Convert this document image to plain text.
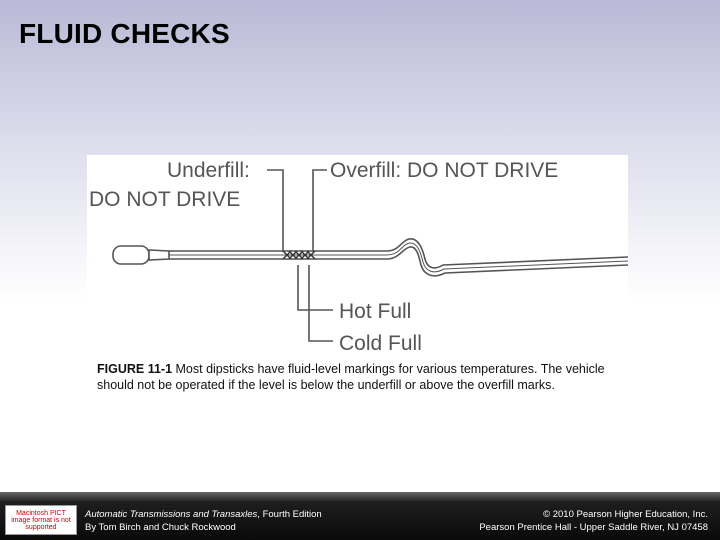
FLUID CHECKS
Underfill:
DO NOT DRIVE
Overfill: DO NOT DRIVE
Hot Full
Cold Full
FIGURE 11-1 Most dipsticks have fluid-level markings for various temperatures. The vehicle should not be operated if the level is below the underfill or above the overfill marks.
Macintosh PICT image format is not supported
Automatic Transmissions and Transaxles, Fourth Edition
By Tom Birch and Chuck Rockwood
© 2010 Pearson Higher Education, Inc.
Pearson Prentice Hall - Upper Saddle River, NJ 07458
